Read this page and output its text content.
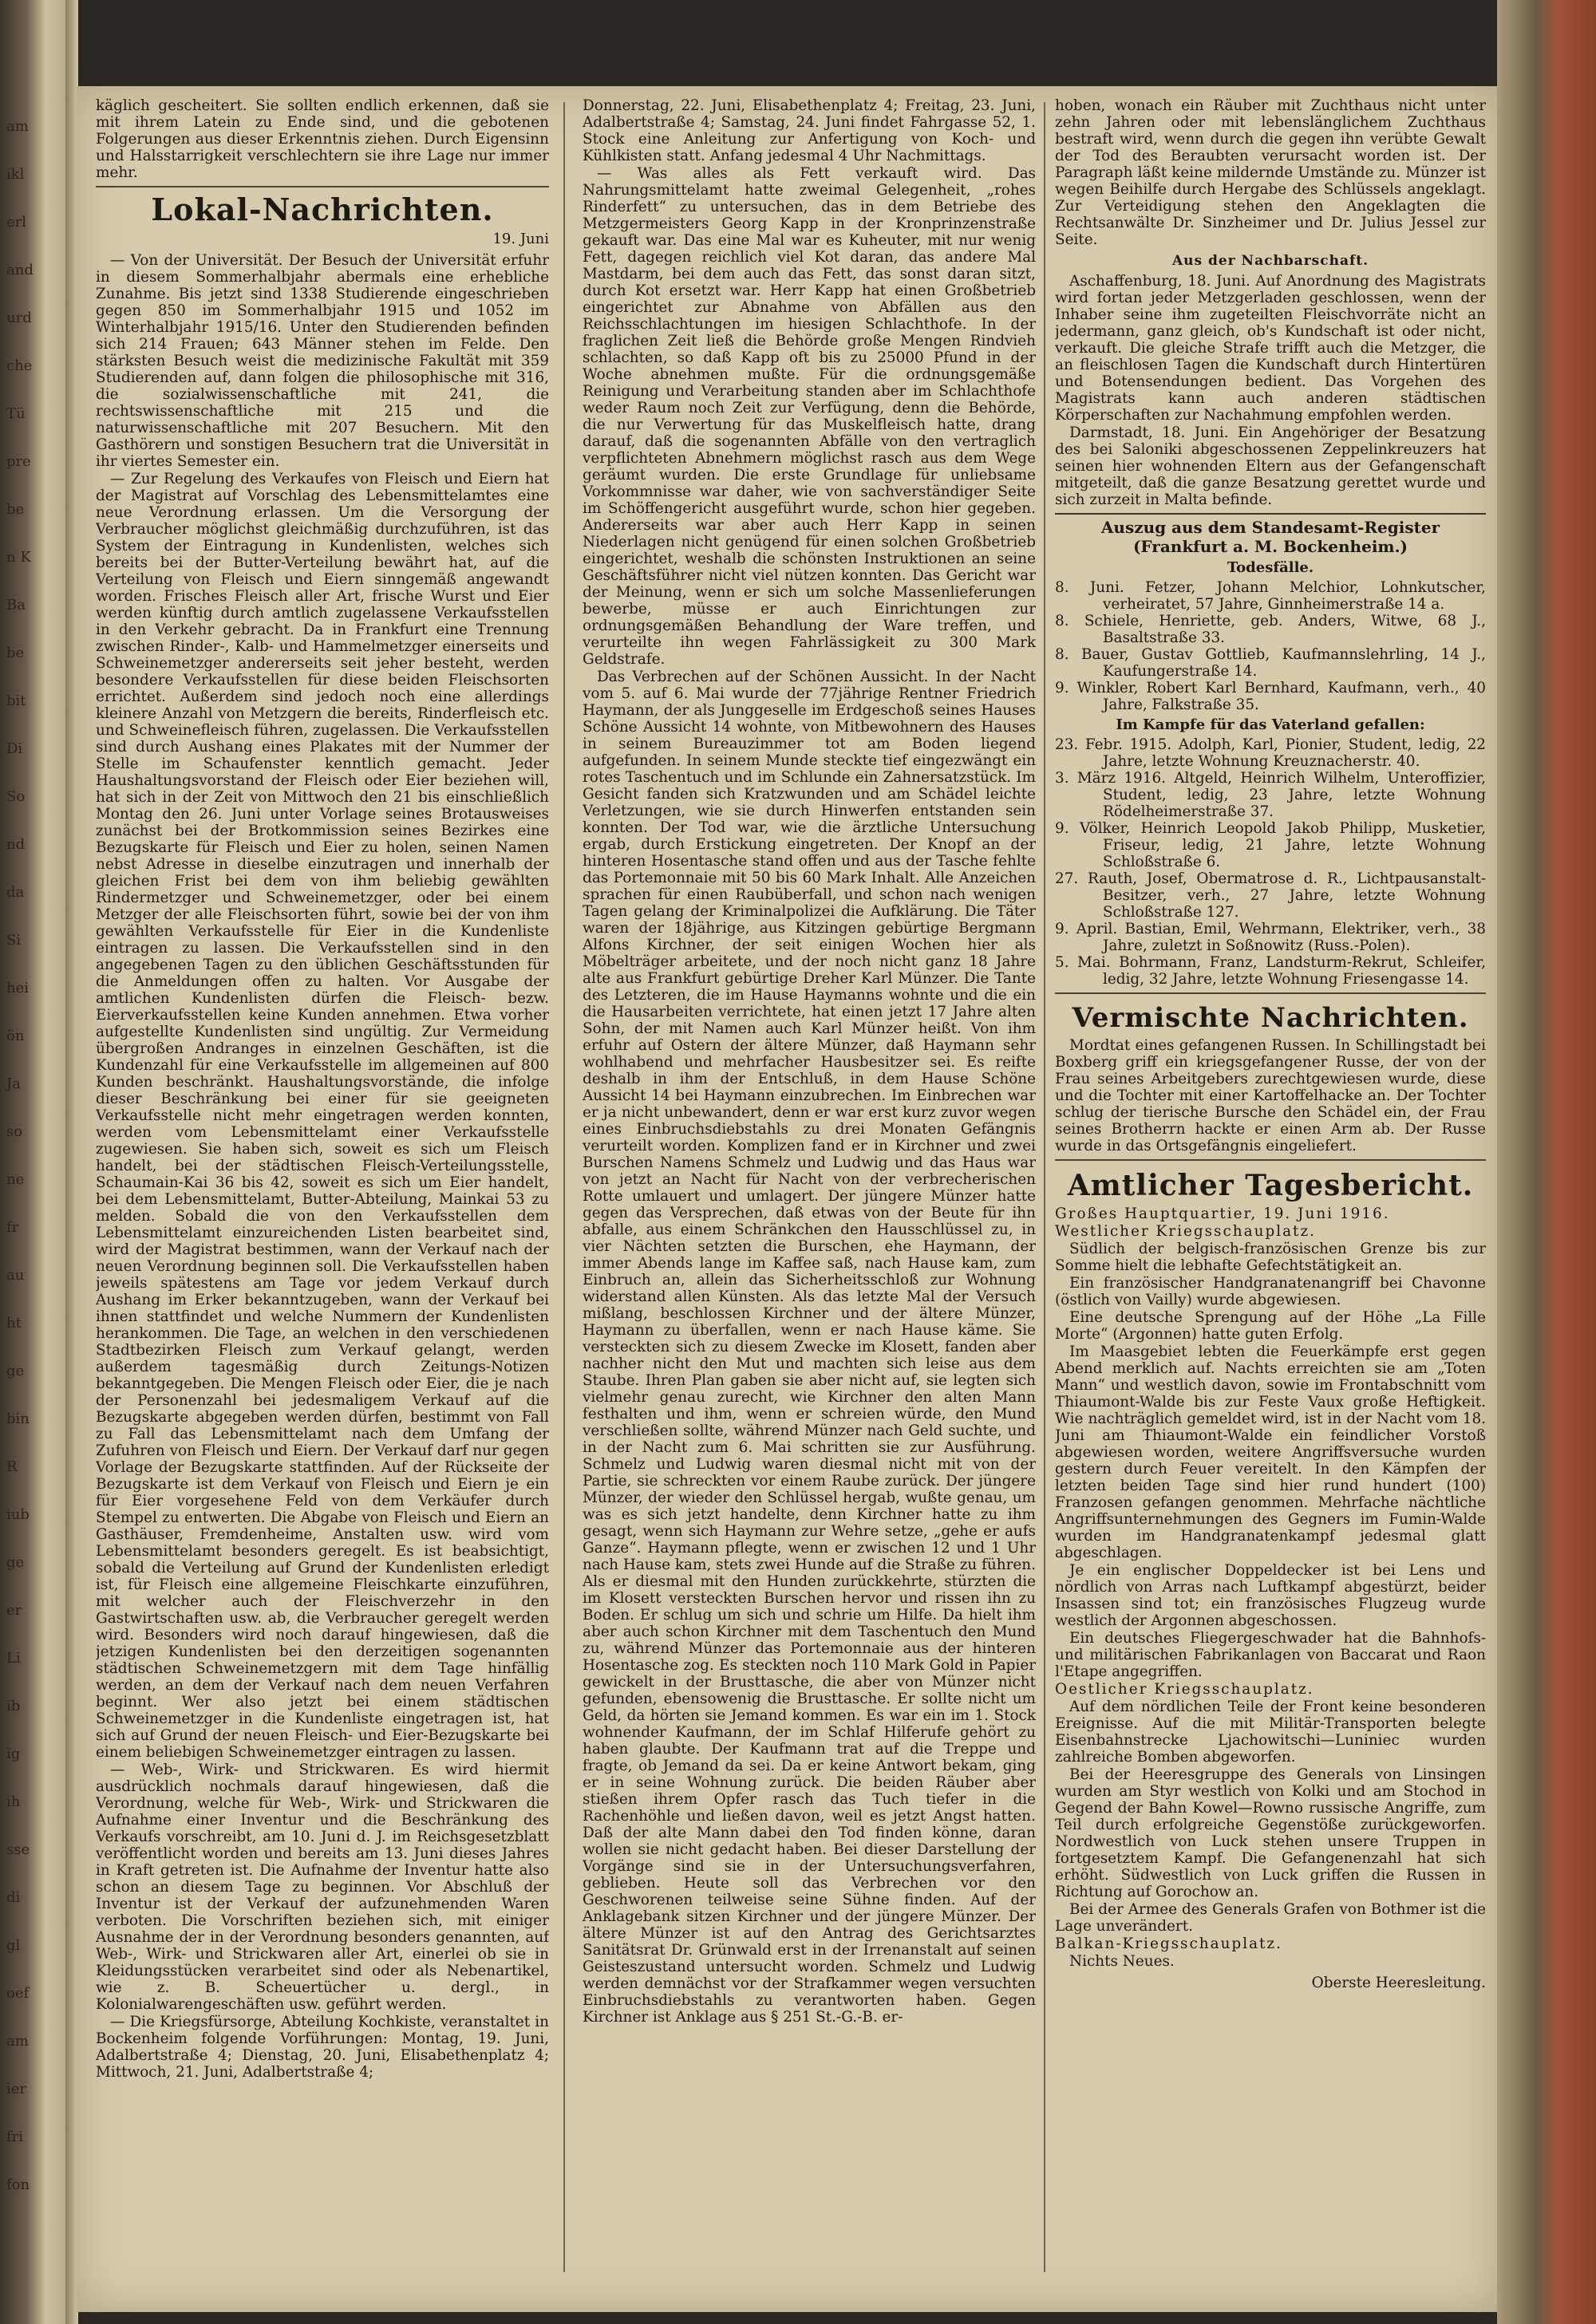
am
ikl
erl
and
urd
che
Tü
pre
be
n K
Ba
be
bit
Di
So
nd
da
Si
hei
ön
Ja
so
ne
fr
au
ht
ge
bin
R
iub
ge
er
Li
ib
ig
ih
sse
di
gl
oef
am
ier
fri
fon

käglich gescheitert. Sie sollten endlich erkennen, daß sie mit ihrem Latein zu Ende sind, und die gebotenen Folgerungen aus dieser Erkenntnis ziehen. Durch Eigensinn und Halsstarrigkeit verschlechtern sie ihre Lage nur immer mehr.

Lokal-Nachrichten.
19. Juni

— Von der Universität. Der Besuch der Universität erfuhr in diesem Sommerhalbjahr abermals eine erhebliche Zunahme. Bis jetzt sind 1338 Studierende eingeschrieben gegen 850 im Sommerhalbjahr 1915 und 1052 im Winterhalbjahr 1915/16. Unter den Studierenden befinden sich 214 Frauen; 643 Männer stehen im Felde. Den stärksten Besuch weist die medizinische Fakultät mit 359 Studierenden auf, dann folgen die philosophische mit 316, die sozialwissenschaftliche mit 241, die rechtswissenschaftliche mit 215 und die naturwissenschaftliche mit 207 Besuchern. Mit den Gasthörern und sonstigen Besuchern trat die Universität in ihr viertes Semester ein.

— Zur Regelung des Verkaufes von Fleisch und Eiern hat der Magistrat auf Vorschlag des Lebensmittelamtes eine neue Verordnung erlassen. Um die Versorgung der Verbraucher möglichst gleichmäßig durchzuführen, ist das System der Eintragung in Kundenlisten, welches sich bereits bei der Butter-Verteilung bewährt hat, auf die Verteilung von Fleisch und Eiern sinngemäß angewandt worden. Frisches Fleisch aller Art, frische Wurst und Eier werden künftig durch amtlich zugelassene Verkaufsstellen in den Verkehr gebracht. Da in Frankfurt eine Trennung zwischen Rinder-, Kalb- und Hammelmetzger einerseits und Schweinemetzger andererseits seit jeher besteht, werden besondere Verkaufsstellen für diese beiden Fleischsorten errichtet. Außerdem sind jedoch noch eine allerdings kleinere Anzahl von Metzgern die bereits, Rinderfleisch etc. und Schweinefleisch führen, zugelassen. Die Verkaufsstellen sind durch Aushang eines Plakates mit der Nummer der Stelle im Schaufenster kenntlich gemacht. Jeder Haushaltungsvorstand der Fleisch oder Eier beziehen will, hat sich in der Zeit von Mittwoch den 21 bis einschließlich Montag den 26. Juni unter Vorlage seines Brotausweises zunächst bei der Brotkommission seines Bezirkes eine Bezugskarte für Fleisch und Eier zu holen, seinen Namen nebst Adresse in dieselbe einzutragen und innerhalb der gleichen Frist bei dem von ihm beliebig gewählten Rindermetzger und Schweinemetzger, oder bei einem Metzger der alle Fleischsorten führt, sowie bei der von ihm gewählten Verkaufsstelle für Eier in die Kundenliste eintragen zu lassen. Die Verkaufsstellen sind in den angegebenen Tagen zu den üblichen Geschäftsstunden für die Anmeldungen offen zu halten. Vor Ausgabe der amtlichen Kundenlisten dürfen die Fleisch- bezw. Eierverkaufsstellen keine Kunden annehmen. Etwa vorher aufgestellte Kundenlisten sind ungültig. Zur Vermeidung übergroßen Andranges in einzelnen Geschäften, ist die Kundenzahl für eine Verkaufsstelle im allgemeinen auf 800 Kunden beschränkt. Haushaltungsvorstände, die infolge dieser Beschränkung bei einer für sie geeigneten Verkaufsstelle nicht mehr eingetragen werden konnten, werden vom Lebensmittelamt einer Verkaufsstelle zugewiesen. Sie haben sich, soweit es sich um Fleisch handelt, bei der städtischen Fleisch-Verteilungsstelle, Schaumain-Kai 36 bis 42, soweit es sich um Eier handelt, bei dem Lebensmittelamt, Butter-Abteilung, Mainkai 53 zu melden. Sobald die von den Verkaufsstellen dem Lebensmittelamt einzureichenden Listen bearbeitet sind, wird der Magistrat bestimmen, wann der Verkauf nach der neuen Verordnung beginnen soll. Die Verkaufsstellen haben jeweils spätestens am Tage vor jedem Verkauf durch Aushang im Erker bekanntzugeben, wann der Verkauf bei ihnen stattfindet und welche Nummern der Kundenlisten herankommen. Die Tage, an welchen in den verschiedenen Stadtbezirken Fleisch zum Verkauf gelangt, werden außerdem tagesmäßig durch Zeitungs-Notizen bekanntgegeben. Die Mengen Fleisch oder Eier, die je nach der Personenzahl bei jedesmaligem Verkauf auf die Bezugskarte abgegeben werden dürfen, bestimmt von Fall zu Fall das Lebensmittelamt nach dem Umfang der Zufuhren von Fleisch und Eiern. Der Verkauf darf nur gegen Vorlage der Bezugskarte stattfinden. Auf der Rückseite der Bezugskarte ist dem Verkauf von Fleisch und Eiern je ein für Eier vorgesehene Feld von dem Verkäufer durch Stempel zu entwerten. Die Abgabe von Fleisch und Eiern an Gasthäuser, Fremdenheime, Anstalten usw. wird vom Lebensmittelamt besonders geregelt. Es ist beabsichtigt, sobald die Verteilung auf Grund der Kundenlisten erledigt ist, für Fleisch eine allgemeine Fleischkarte einzuführen, mit welcher auch der Fleischverzehr in den Gastwirtschaften usw. ab, die Verbraucher geregelt werden wird. Besonders wird noch darauf hingewiesen, daß die jetzigen Kundenlisten bei den derzeitigen sogenannten städtischen Schweinemetzgern mit dem Tage hinfällig werden, an dem der Verkauf nach dem neuen Verfahren beginnt. Wer also jetzt bei einem städtischen Schweinemetzger in die Kundenliste eingetragen ist, hat sich auf Grund der neuen Fleisch- und Eier-Bezugskarte bei einem beliebigen Schweinemetzger eintragen zu lassen.

— Web-, Wirk- und Strickwaren. Es wird hiermit ausdrücklich nochmals darauf hingewiesen, daß die Verordnung, welche für Web-, Wirk- und Strickwaren die Aufnahme einer Inventur und die Beschränkung des Verkaufs vorschreibt, am 10. Juni d. J. im Reichsgesetzblatt veröffentlicht worden und bereits am 13. Juni dieses Jahres in Kraft getreten ist. Die Aufnahme der Inventur hatte also schon an diesem Tage zu beginnen. Vor Abschluß der Inventur ist der Verkauf der aufzunehmenden Waren verboten. Die Vorschriften beziehen sich, mit einiger Ausnahme der in der Verordnung besonders genannten, auf Web-, Wirk- und Strickwaren aller Art, einerlei ob sie in Kleidungsstücken verarbeitet sind oder als Nebenartikel, wie z. B. Scheuertücher u. dergl., in Kolonialwarengeschäften usw. geführt werden.

— Die Kriegsfürsorge, Abteilung Kochkiste, veranstaltet in Bockenheim folgende Vorführungen: Montag, 19. Juni, Adalbertstraße 4; Dienstag, 20. Juni, Elisabethenplatz 4; Mittwoch, 21. Juni, Adalbertstraße 4;

Donnerstag, 22. Juni, Elisabethenplatz 4; Freitag, 23. Juni, Adalbertstraße 4; Samstag, 24. Juni findet Fahrgasse 52, 1. Stock eine Anleitung zur Anfertigung von Koch- und Kühlkisten statt. Anfang jedesmal 4 Uhr Nachmittags.

— Was alles als Fett verkauft wird. Das Nahrungsmittelamt hatte zweimal Gelegenheit, „rohes Rinderfett“ zu untersuchen, das in dem Betriebe des Metzgermeisters Georg Kapp in der Kronprinzenstraße gekauft war. Das eine Mal war es Kuheuter, mit nur wenig Fett, dagegen reichlich viel Kot daran, das andere Mal Mastdarm, bei dem auch das Fett, das sonst daran sitzt, durch Kot ersetzt war. Herr Kapp hat einen Großbetrieb eingerichtet zur Abnahme von Abfällen aus den Reichsschlachtungen im hiesigen Schlachthofe. In der fraglichen Zeit ließ die Behörde große Mengen Rindvieh schlachten, so daß Kapp oft bis zu 25000 Pfund in der Woche abnehmen mußte. Für die ordnungsgemäße Reinigung und Verarbeitung standen aber im Schlachthofe weder Raum noch Zeit zur Verfügung, denn die Behörde, die nur Verwertung für das Muskelfleisch hatte, drang darauf, daß die sogenannten Abfälle von den vertraglich verpflichteten Abnehmern möglichst rasch aus dem Wege geräumt wurden. Die erste Grundlage für unliebsame Vorkommnisse war daher, wie von sachverständiger Seite im Schöffengericht ausgeführt wurde, schon hier gegeben. Andererseits war aber auch Herr Kapp in seinen Niederlagen nicht genügend für einen solchen Großbetrieb eingerichtet, weshalb die schönsten Instruktionen an seine Geschäftsführer nicht viel nützen konnten. Das Gericht war der Meinung, wenn er sich um solche Massenlieferungen bewerbe, müsse er auch Einrichtungen zur ordnungsgemäßen Behandlung der Ware treffen, und verurteilte ihn wegen Fahrlässigkeit zu 300 Mark Geldstrafe.

Das Verbrechen auf der Schönen Aussicht. In der Nacht vom 5. auf 6. Mai wurde der 77jährige Rentner Friedrich Haymann, der als Junggeselle im Erdgeschoß seines Hauses Schöne Aussicht 14 wohnte, von Mitbewohnern des Hauses in seinem Bureauzimmer tot am Boden liegend aufgefunden. In seinem Munde steckte tief eingezwängt ein rotes Taschentuch und im Schlunde ein Zahnersatzstück. Im Gesicht fanden sich Kratzwunden und am Schädel leichte Verletzungen, wie sie durch Hinwerfen entstanden sein konnten. Der Tod war, wie die ärztliche Untersuchung ergab, durch Erstickung eingetreten. Der Knopf an der hinteren Hosentasche stand offen und aus der Tasche fehlte das Portemonnaie mit 50 bis 60 Mark Inhalt. Alle Anzeichen sprachen für einen Raubüberfall, und schon nach wenigen Tagen gelang der Kriminalpolizei die Aufklärung. Die Täter waren der 18jährige, aus Kitzingen gebürtige Bergmann Alfons Kirchner, der seit einigen Wochen hier als Möbelträger arbeitete, und der noch nicht ganz 18 Jahre alte aus Frankfurt gebürtige Dreher Karl Münzer. Die Tante des Letzteren, die im Hause Haymanns wohnte und die ein die Hausarbeiten verrichtete, hat einen jetzt 17 Jahre alten Sohn, der mit Namen auch Karl Münzer heißt. Von ihm erfuhr auf Ostern der ältere Münzer, daß Haymann sehr wohlhabend und mehrfacher Hausbesitzer sei. Es reifte deshalb in ihm der Entschluß, in dem Hause Schöne Aussicht 14 bei Haymann einzubrechen. Im Einbrechen war er ja nicht unbewandert, denn er war erst kurz zuvor wegen eines Einbruchsdiebstahls zu drei Monaten Gefängnis verurteilt worden. Komplizen fand er in Kirchner und zwei Burschen Namens Schmelz und Ludwig und das Haus war von jetzt an Nacht für Nacht von der verbrecherischen Rotte umlauert und umlagert. Der jüngere Münzer hatte gegen das Versprechen, daß etwas von der Beute für ihn abfalle, aus einem Schränkchen den Hausschlüssel zu, in vier Nächten setzten die Burschen, ehe Haymann, der immer Abends lange im Kaffee saß, nach Hause kam, zum Einbruch an, allein das Sicherheitsschloß zur Wohnung widerstand allen Künsten. Als das letzte Mal der Versuch mißlang, beschlossen Kirchner und der ältere Münzer, Haymann zu überfallen, wenn er nach Hause käme. Sie versteckten sich zu diesem Zwecke im Klosett, fanden aber nachher nicht den Mut und machten sich leise aus dem Staube. Ihren Plan gaben sie aber nicht auf, sie legten sich vielmehr genau zurecht, wie Kirchner den alten Mann festhalten und ihm, wenn er schreien würde, den Mund verschließen sollte, während Münzer nach Geld suchte, und in der Nacht zum 6. Mai schritten sie zur Ausführung. Schmelz und Ludwig waren diesmal nicht mit von der Partie, sie schreckten vor einem Raube zurück. Der jüngere Münzer, der wieder den Schlüssel hergab, wußte genau, um was es sich jetzt handelte, denn Kirchner hatte zu ihm gesagt, wenn sich Haymann zur Wehre setze, „gehe er aufs Ganze“. Haymann pflegte, wenn er zwischen 12 und 1 Uhr nach Hause kam, stets zwei Hunde auf die Straße zu führen. Als er diesmal mit den Hunden zurückkehrte, stürzten die im Klosett versteckten Burschen hervor und rissen ihn zu Boden. Er schlug um sich und schrie um Hilfe. Da hielt ihm aber auch schon Kirchner mit dem Taschentuch den Mund zu, während Münzer das Portemonnaie aus der hinteren Hosentasche zog. Es steckten noch 110 Mark Gold in Papier gewickelt in der Brusttasche, die aber von Münzer nicht gefunden, ebensowenig die Brusttasche. Er sollte nicht um Geld, da hörten sie Jemand kommen. Es war ein im 1. Stock wohnender Kaufmann, der im Schlaf Hilferufe gehört zu haben glaubte. Der Kaufmann trat auf die Treppe und fragte, ob Jemand da sei. Da er keine Antwort bekam, ging er in seine Wohnung zurück. Die beiden Räuber aber stießen ihrem Opfer rasch das Tuch tiefer in die Rachenhöhle und ließen davon, weil es jetzt Angst hatten. Daß der alte Mann dabei den Tod finden könne, daran wollen sie nicht gedacht haben. Bei dieser Darstellung der Vorgänge sind sie in der Untersuchungsverfahren, geblieben. Heute soll das Verbrechen vor den Geschworenen teilweise seine Sühne finden. Auf der Anklagebank sitzen Kirchner und der jüngere Münzer. Der ältere Münzer ist auf den Antrag des Gerichtsarztes Sanitätsrat Dr. Grünwald erst in der Irrenanstalt auf seinen Geisteszustand untersucht worden. Schmelz und Ludwig werden demnächst vor der Strafkammer wegen versuchten Einbruchsdiebstahls zu verantworten haben. Gegen Kirchner ist Anklage aus § 251 St.-G.-B. er-

hoben, wonach ein Räuber mit Zuchthaus nicht unter zehn Jahren oder mit lebenslänglichem Zuchthaus bestraft wird, wenn durch die gegen ihn verübte Gewalt der Tod des Beraubten verursacht worden ist. Der Paragraph läßt keine mildernde Umstände zu. Münzer ist wegen Beihilfe durch Hergabe des Schlüssels angeklagt. Zur Verteidigung stehen den Angeklagten die Rechtsanwälte Dr. Sinzheimer und Dr. Julius Jessel zur Seite.

Aus der Nachbarschaft.

Aschaffenburg, 18. Juni. Auf Anordnung des Magistrats wird fortan jeder Metzgerladen geschlossen, wenn der Inhaber seine ihm zugeteilten Fleischvorräte nicht an jedermann, ganz gleich, ob's Kundschaft ist oder nicht, verkauft. Die gleiche Strafe trifft auch die Metzger, die an fleischlosen Tagen die Kundschaft durch Hintertüren und Botensendungen bedient. Das Vorgehen des Magistrats kann auch anderen städtischen Körperschaften zur Nachahmung empfohlen werden.

Darmstadt, 18. Juni. Ein Angehöriger der Besatzung des bei Saloniki abgeschossenen Zeppelinkreuzers hat seinen hier wohnenden Eltern aus der Gefangenschaft mitgeteilt, daß die ganze Besatzung gerettet wurde und sich zurzeit in Malta befinde.

Auszug aus dem Standesamt-Register (Frankfurt a. M. Bockenheim.)
Todesfälle.

8. Juni. Fetzer, Johann Melchior, Lohnkutscher, verheiratet, 57 Jahre, Ginnheimerstraße 14 a.

8. Schiele, Henriette, geb. Anders, Witwe, 68 J., Basaltstraße 33.

8. Bauer, Gustav Gottlieb, Kaufmannslehrling, 14 J., Kaufungerstraße 14.

9. Winkler, Robert Karl Bernhard, Kaufmann, verh., 40 Jahre, Falkstraße 35.

Im Kampfe für das Vaterland gefallen:

23. Febr. 1915. Adolph, Karl, Pionier, Student, ledig, 22 Jahre, letzte Wohnung Kreuznacherstr. 40.

3. März 1916. Altgeld, Heinrich Wilhelm, Unteroffizier, Student, ledig, 23 Jahre, letzte Wohnung Rödelheimerstraße 37.

9. Völker, Heinrich Leopold Jakob Philipp, Musketier, Friseur, ledig, 21 Jahre, letzte Wohnung Schloßstraße 6.

27. Rauth, Josef, Obermatrose d. R., Lichtpausanstalt-Besitzer, verh., 27 Jahre, letzte Wohnung Schloßstraße 127.

9. April. Bastian, Emil, Wehrmann, Elektriker, verh., 38 Jahre, zuletzt in Soßnowitz (Russ.-Polen).

5. Mai. Bohrmann, Franz, Landsturm-Rekrut, Schleifer, ledig, 32 Jahre, letzte Wohnung Friesengasse 14.

Vermischte Nachrichten.

Mordtat eines gefangenen Russen. In Schillingstadt bei Boxberg griff ein kriegsgefangener Russe, der von der Frau seines Arbeitgebers zurechtgewiesen wurde, diese und die Tochter mit einer Kartoffelhacke an. Der Tochter schlug der tierische Bursche den Schädel ein, der Frau seines Brotherrn hackte er einen Arm ab. Der Russe wurde in das Ortsgefängnis eingeliefert.

Amtlicher Tagesbericht.

Großes Hauptquartier, 19. Juni 1916.

Westlicher Kriegsschauplatz.

Südlich der belgisch-französischen Grenze bis zur Somme hielt die lebhafte Gefechtstätigkeit an.

Ein französischer Handgranatenangriff bei Chavonne (östlich von Vailly) wurde abgewiesen.

Eine deutsche Sprengung auf der Höhe „La Fille Morte“ (Argonnen) hatte guten Erfolg.

Im Maasgebiet lebten die Feuerkämpfe erst gegen Abend merklich auf. Nachts erreichten sie am „Toten Mann“ und westlich davon, sowie im Frontabschnitt vom Thiaumont-Walde bis zur Feste Vaux große Heftigkeit. Wie nachträglich gemeldet wird, ist in der Nacht vom 18. Juni am Thiaumont-Walde ein feindlicher Vorstoß abgewiesen worden, weitere Angriffsversuche wurden gestern durch Feuer vereitelt. In den Kämpfen der letzten beiden Tage sind hier rund hundert (100) Franzosen gefangen genommen. Mehrfache nächtliche Angriffsunternehmungen des Gegners im Fumin-Walde wurden im Handgranatenkampf jedesmal glatt abgeschlagen.

Je ein englischer Doppeldecker ist bei Lens und nördlich von Arras nach Luftkampf abgestürzt, beider Insassen sind tot; ein französisches Flugzeug wurde westlich der Argonnen abgeschossen.

Ein deutsches Fliegergeschwader hat die Bahnhofs- und militärischen Fabrikanlagen von Baccarat und Raon l'Etape angegriffen.

Oestlicher Kriegsschauplatz.

Auf dem nördlichen Teile der Front keine besonderen Ereignisse. Auf die mit Militär-Transporten belegte Eisenbahnstrecke Ljachowitschi—Luniniec wurden zahlreiche Bomben abgeworfen.

Bei der Heeresgruppe des Generals von Linsingen wurden am Styr westlich von Kolki und am Stochod in Gegend der Bahn Kowel—Rowno russische Angriffe, zum Teil durch erfolgreiche Gegenstöße zurückgeworfen. Nordwestlich von Luck stehen unsere Truppen in fortgesetztem Kampf. Die Gefangenenzahl hat sich erhöht. Südwestlich von Luck griffen die Russen in Richtung auf Gorochow an.

Bei der Armee des Generals Grafen von Bothmer ist die Lage unverändert.

Balkan-Kriegsschauplatz.

Nichts Neues.

Oberste Heeresleitung.
